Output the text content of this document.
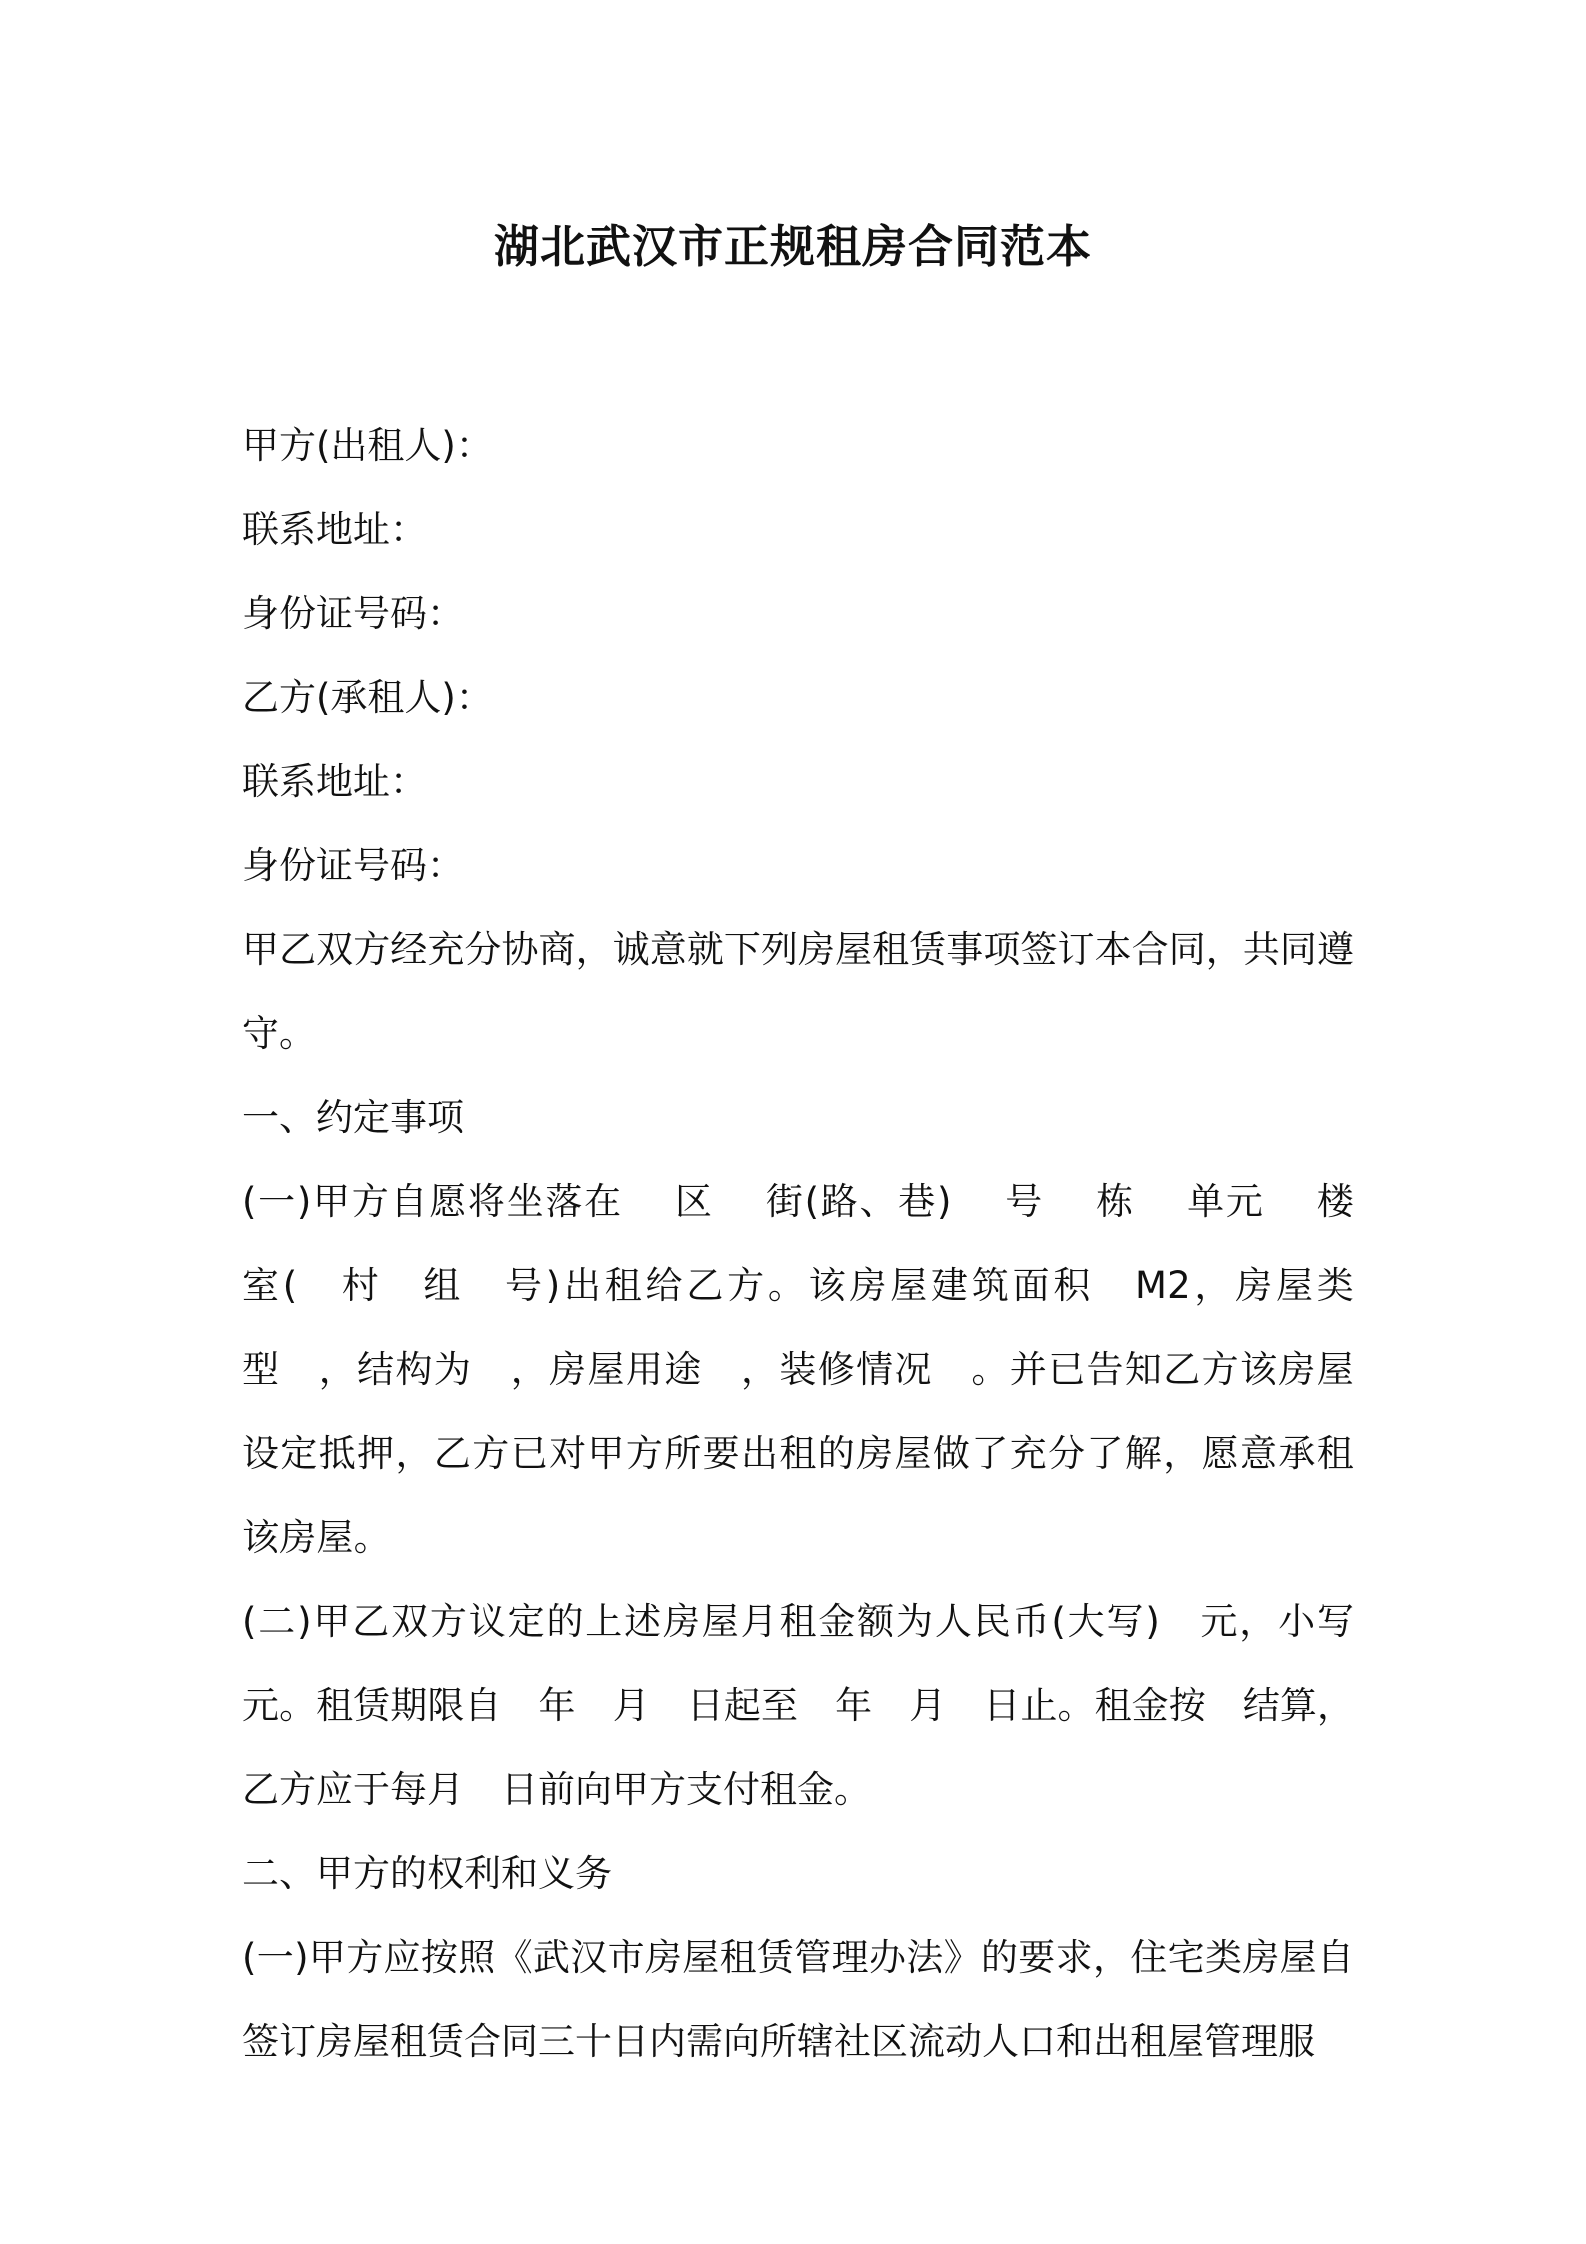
湖北武汉市正规租房合同范本

甲方(出租人)：

联系地址：

身份证号码：

乙方(承租人)：

联系地址：

身份证号码：

甲乙双方经充分协商，诚意就下列房屋租赁事项签订本合同，共同遵守。

一、约定事项

(一)甲方自愿将坐落在　 区　 街(路、巷)　 号　 栋　 单元　 楼　室(　村　组　号)出租给乙方。该房屋建筑面积　M2，房屋类型　，结构为　，房屋用途　，装修情况　。并已告知乙方该房屋　设定抵押，乙方已对甲方所要出租的房屋做了充分了解，愿意承租该房屋。

(二)甲乙双方议定的上述房屋月租金额为人民币(大写)　元，小写　元。租赁期限自　年　月　日起至　年　月　日止。租金按　结算，乙方应于每月　日前向甲方支付租金。

二、甲方的权利和义务

(一)甲方应按照《武汉市房屋租赁管理办法》的要求，住宅类房屋自签订房屋租赁合同三十日内需向所辖社区流动人口和出租屋管理服
